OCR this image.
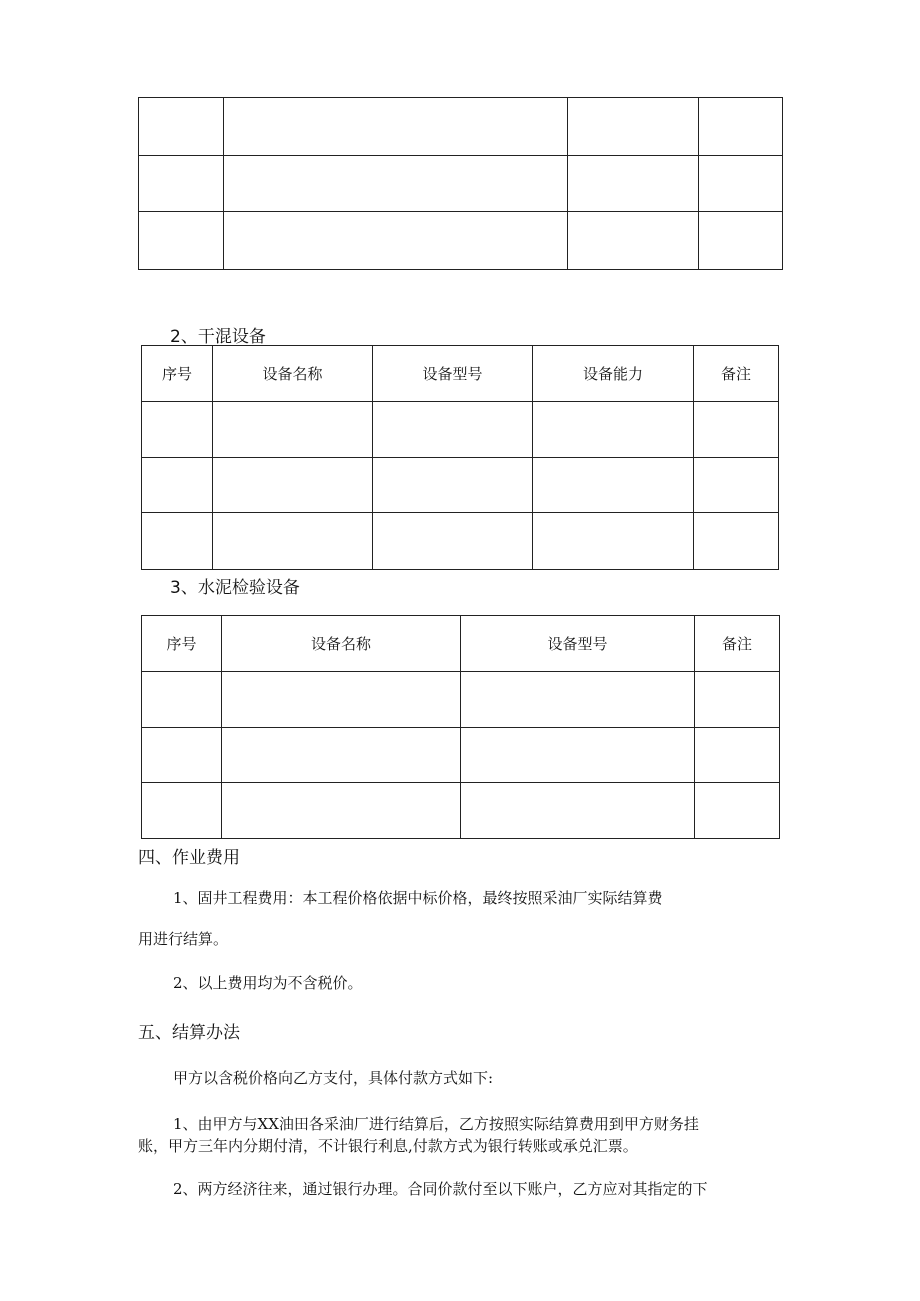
2、干混设备
序号	设备名称	设备型号	设备能力	备注

3、水泥检验设备
序号	设备名称	设备型号	备注

四、作业费用
1、固井工程费用：本工程价格依据中标价格，最终按照采油厂实际结算费
用进行结算。
2、以上费用均为不含税价。
五、结算办法
甲方以含税价格向乙方支付，具体付款方式如下:
1、由甲方与XX油田各采油厂进行结算后，乙方按照实际结算费用到甲方财务挂
账，甲方三年内分期付清，不计银行利息,付款方式为银行转账或承兑汇票。
2、两方经济往来，通过银行办理。合同价款付至以下账户，乙方应对其指定的下
